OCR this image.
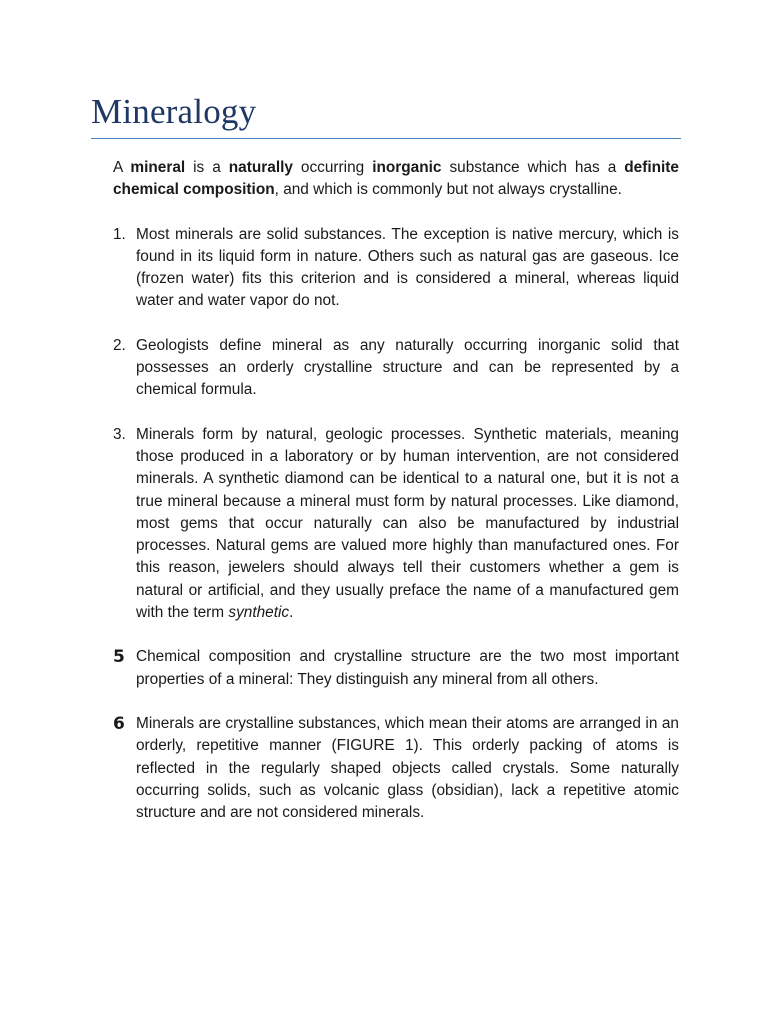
Mineralogy

A mineral is a naturally occurring inorganic substance which has a definite chemical composition, and which is commonly but not always crystalline.

1. Most minerals are solid substances. The exception is native mercury, which is found in its liquid form in nature. Others such as natural gas are gaseous. Ice (frozen water) fits this criterion and is considered a mineral, whereas liquid water and water vapor do not.
2. Geologists define mineral as any naturally occurring inorganic solid that possesses an orderly crystalline structure and can be represented by a chemical formula.
3. Minerals form by natural, geologic processes. Synthetic materials, meaning those produced in a laboratory or by human intervention, are not considered minerals. A synthetic diamond can be identical to a natural one, but it is not a true mineral because a mineral must form by natural processes. Like diamond, most gems that occur naturally can also be manufactured by industrial processes. Natural gems are valued more highly than manufactured ones. For this reason, jewelers should always tell their customers whether a gem is natural or artificial, and they usually preface the name of a manufactured gem with the term synthetic.
5 Chemical composition and crystalline structure are the two most important properties of a mineral: They distinguish any mineral from all others.
6 Minerals are crystalline substances, which mean their atoms are arranged in an orderly, repetitive manner (FIGURE 1). This orderly packing of atoms is reflected in the regularly shaped objects called crystals. Some naturally occurring solids, such as volcanic glass (obsidian), lack a repetitive atomic structure and are not considered minerals.
